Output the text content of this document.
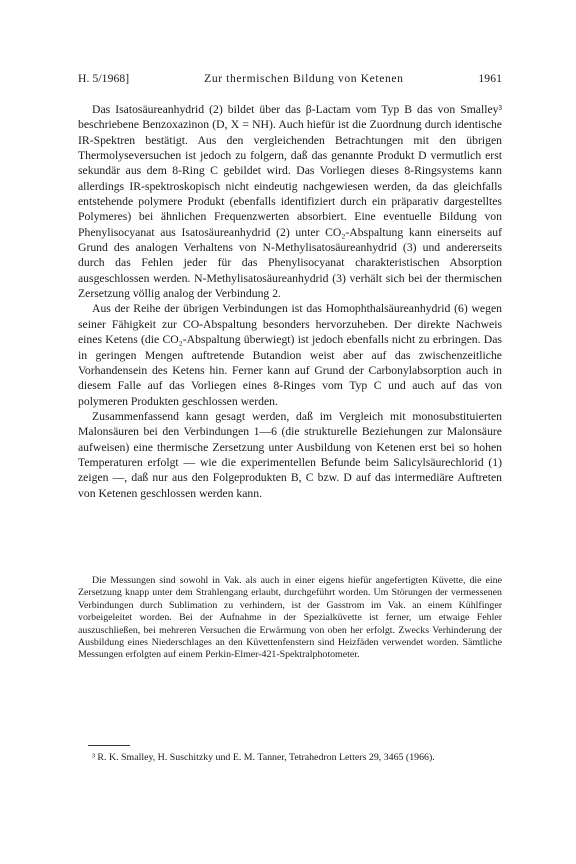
H. 5/1968]	Zur thermischen Bildung von Ketenen	1961

Das Isatosäureanhydrid (2) bildet über das β-Lactam vom Typ B das von Smalley³ beschriebene Benzoxazinon (D, X = NH). Auch hiefür ist die Zuordnung durch identische IR-Spektren bestätigt. Aus den vergleichenden Betrachtungen mit den übrigen Thermolyseversuchen ist jedoch zu folgern, daß das genannte Produkt D vermutlich erst sekundär aus dem 8-Ring C gebildet wird. Das Vorliegen dieses 8-Ringsystems kann allerdings IR-spektroskopisch nicht eindeutig nachgewiesen werden, da das gleichfalls entstehende polymere Produkt (ebenfalls identifiziert durch ein präparativ dargestelltes Polymeres) bei ähnlichen Frequenzwerten absorbiert. Eine eventuelle Bildung von Phenylisocyanat aus Isatosäureanhydrid (2) unter CO₂-Abspaltung kann einerseits auf Grund des analogen Verhaltens von N-Methylisatosäureanhydrid (3) und andererseits durch das Fehlen jeder für das Phenylisocyanat charakteristischen Absorption ausgeschlossen werden. N-Methylisatosäureanhydrid (3) verhält sich bei der thermischen Zersetzung völlig analog der Verbindung 2.

Aus der Reihe der übrigen Verbindungen ist das Homophthalsäureanhydrid (6) wegen seiner Fähigkeit zur CO-Abspaltung besonders hervorzuheben. Der direkte Nachweis eines Ketens (die CO₂-Abspaltung überwiegt) ist jedoch ebenfalls nicht zu erbringen. Das in geringen Mengen auftretende Butandion weist aber auf das zwischenzeitliche Vorhandensein des Ketens hin. Ferner kann auf Grund der Carbonylabsorption auch in diesem Falle auf das Vorliegen eines 8-Ringes vom Typ C und auch auf das von polymeren Produkten geschlossen werden.

Zusammenfassend kann gesagt werden, daß im Vergleich mit monosubstituierten Malonsäuren bei den Verbindungen 1—6 (die strukturelle Beziehungen zur Malonsäure aufweisen) eine thermische Zersetzung unter Ausbildung von Ketenen erst bei so hohen Temperaturen erfolgt — wie die experimentellen Befunde beim Salicylsäurechlorid (1) zeigen —, daß nur aus den Folgeprodukten B, C bzw. D auf das intermediäre Auftreten von Ketenen geschlossen werden kann.

Die Messungen sind sowohl in Vak. als auch in einer eigens hiefür angefertigten Küvette, die eine Zersetzung knapp unter dem Strahlengang erlaubt, durchgeführt worden. Um Störungen der vermessenen Verbindungen durch Sublimation zu verhindern, ist der Gasstrom im Vak. an einem Kühlfinger vorbeigeleitet worden. Bei der Aufnahme in der Spezialküvette ist ferner, um etwaige Fehler auszuschließen, bei mehreren Versuchen die Erwärmung von oben her erfolgt. Zwecks Verhinderung der Ausbildung eines Niederschlages an den Küvettenfenstern sind Heizfäden verwendet worden. Sämtliche Messungen erfolgten auf einem Perkin-Elmer-421-Spektralphotometer.

³ R. K. Smalley, H. Suschitzky und E. M. Tanner, Tetrahedron Letters 29, 3465 (1966).
